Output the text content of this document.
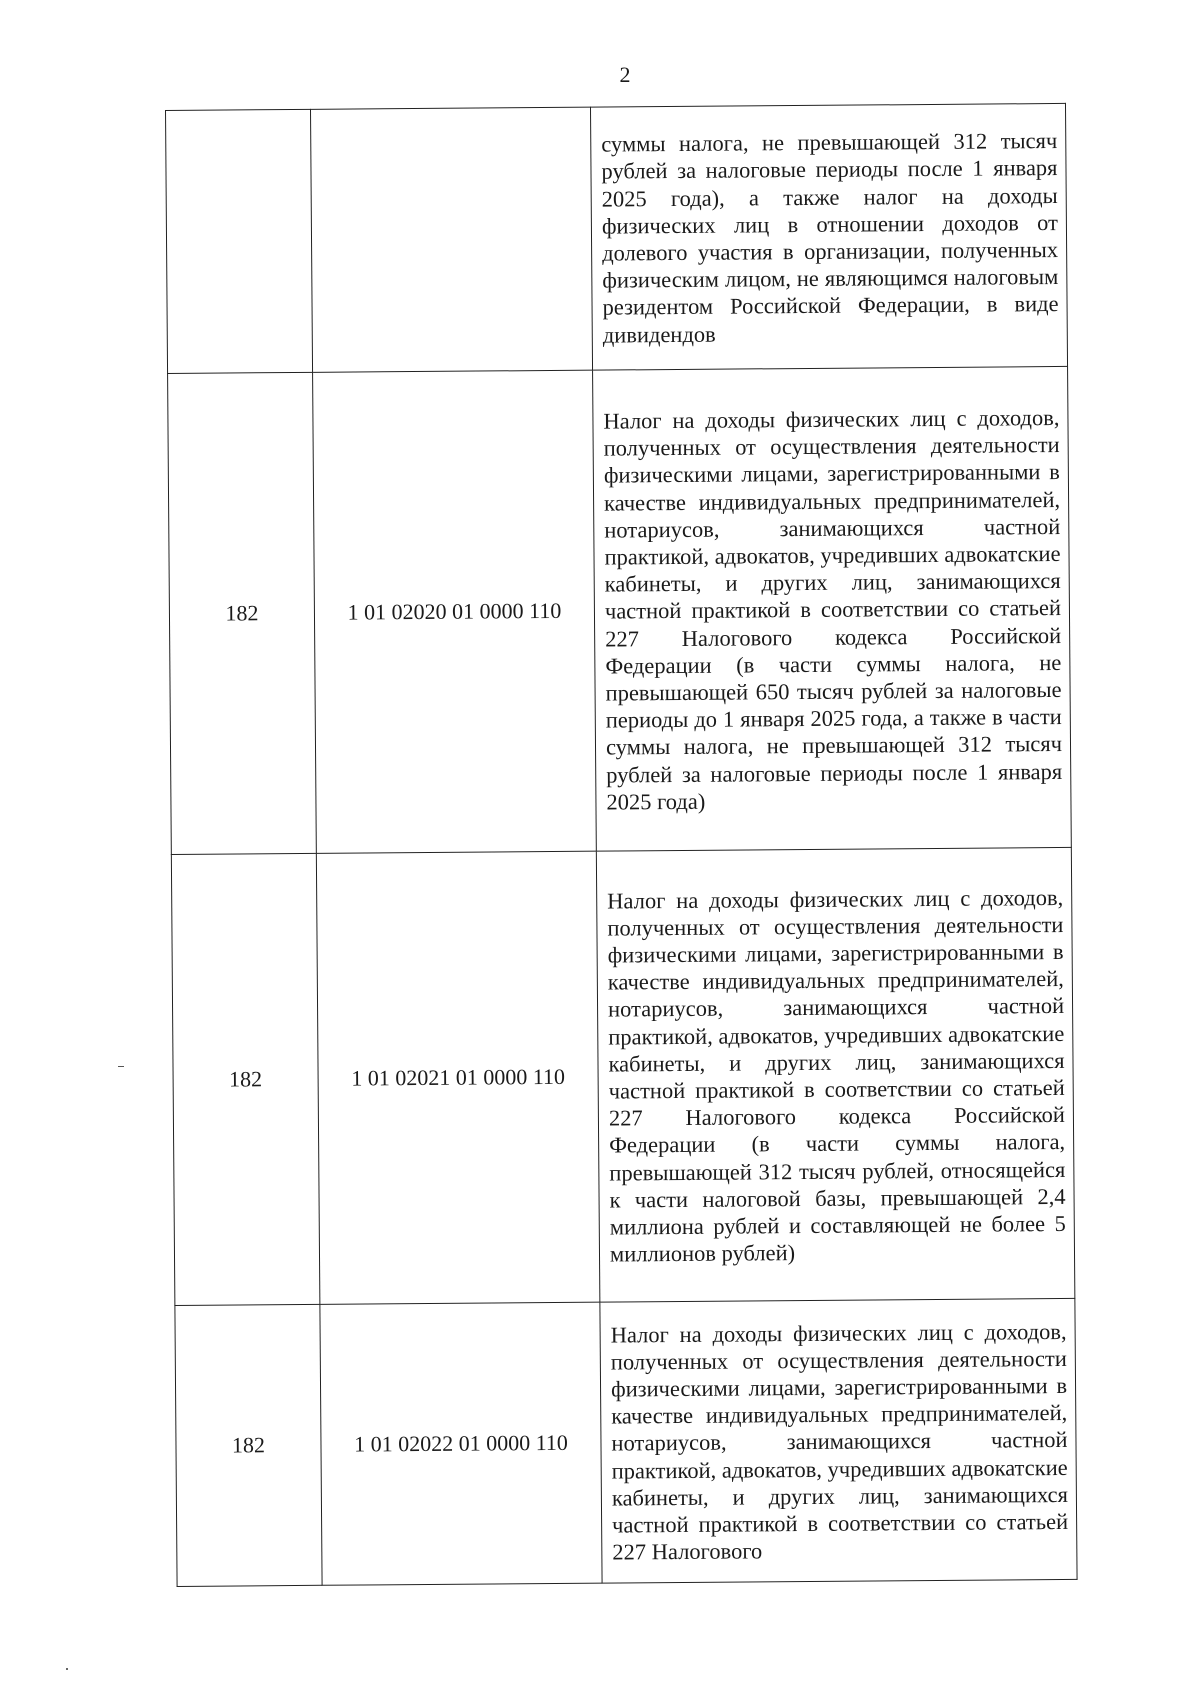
2

		суммы налога, не превышающей 312 тысяч рублей за налоговые периоды после 1 января 2025 года), а также налог на доходы физических лиц в отношении доходов от долевого участия в организации, полученных физическим лицом, не являющимся налоговым резидентом Российской Федерации, в виде дивидендов

182	1 01 02020 01 0000 110	Налог на доходы физических лиц с доходов, полученных от осуществления деятельности физическими лицами, зарегистрированными в качестве индивидуальных предпринимателей, нотариусов, занимающихся частной практикой, адвокатов, учредивших адвокатские кабинеты, и других лиц, занимающихся частной практикой в соответствии со статьей 227 Налогового кодекса Российской Федерации (в части суммы налога, не превышающей 650 тысяч рублей за налоговые периоды до 1 января 2025 года, а также в части суммы налога, не превышающей 312 тысяч рублей за налоговые периоды после 1 января 2025 года)

182	1 01 02021 01 0000 110	Налог на доходы физических лиц с доходов, полученных от осуществления деятельности физическими лицами, зарегистрированными в качестве индивидуальных предпринимателей, нотариусов, занимающихся частной практикой, адвокатов, учредивших адвокатские кабинеты, и других лиц, занимающихся частной практикой в соответствии со статьей 227 Налогового кодекса Российской Федерации (в части суммы налога, превышающей 312 тысяч рублей, относящейся к части налоговой базы, превышающей 2,4 миллиона рублей и составляющей не более 5 миллионов рублей)

182	1 01 02022 01 0000 110	Налог на доходы физических лиц с доходов, полученных от осуществления деятельности физическими лицами, зарегистрированными в качестве индивидуальных предпринимателей, нотариусов, занимающихся частной практикой, адвокатов, учредивших адвокатские кабинеты, и других лиц, занимающихся частной практикой в соответствии со статьей 227 Налогового
